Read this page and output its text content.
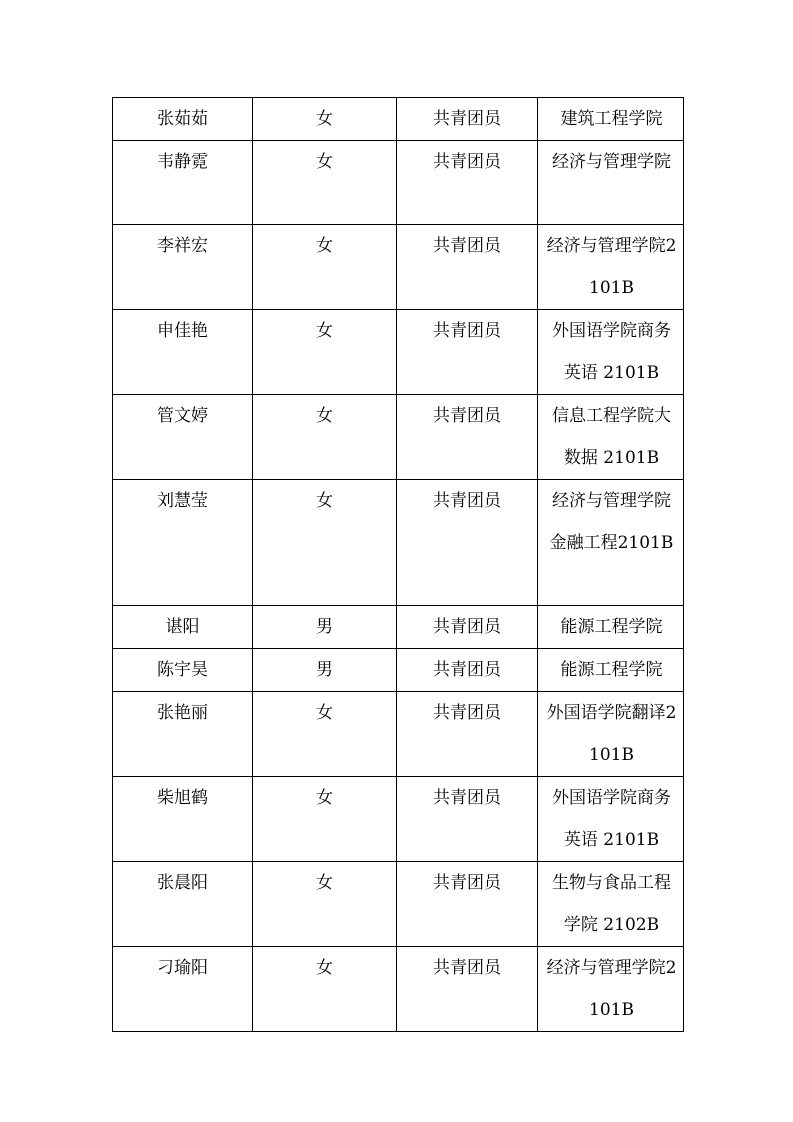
张茹茹	女	共青团员	建筑工程学院

韦静霓	女	共青团员	经济与管理学院

李祥宏	女	共青团员	经济与管理学院2101B

申佳艳	女	共青团员	外国语学院商务英语 2101B

管文婷	女	共青团员	信息工程学院大数据 2101B

刘慧莹	女	共青团员	经济与管理学院金融工程2101B

谌阳	男	共青团员	能源工程学院

陈宇昊	男	共青团员	能源工程学院

张艳丽	女	共青团员	外国语学院翻译2101B

柴旭鹤	女	共青团员	外国语学院商务英语 2101B

张晨阳	女	共青团员	生物与食品工程学院 2102B

刁瑜阳	女	共青团员	经济与管理学院2101B
